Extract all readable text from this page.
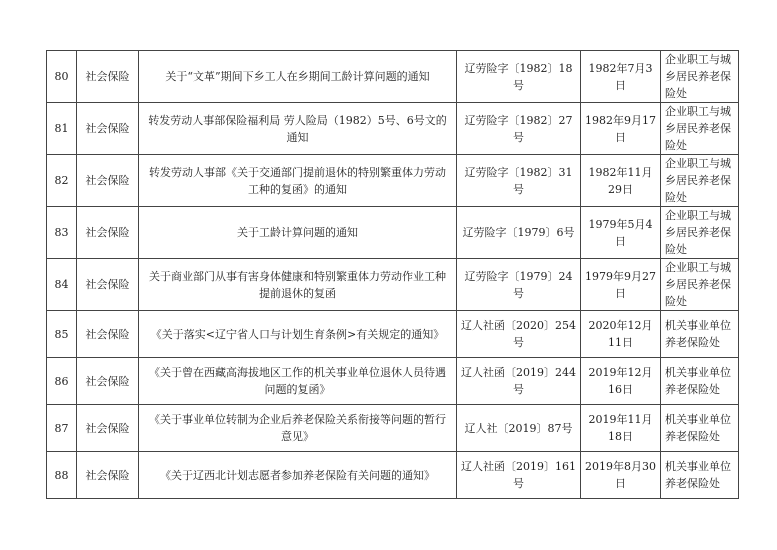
80	社会保险	关于“文革”期间下乡工人在乡期间工龄计算问题的通知	辽劳险字〔1982〕18号	1982年7月3日	企业职工与城乡居民养老保险处
81	社会保险	转发劳动人事部保险福利局 劳人险局（1982）5号、6号文的通知	辽劳险字〔1982〕27号	1982年9月17日	企业职工与城乡居民养老保险处
82	社会保险	转发劳动人事部《关于交通部门提前退休的特别繁重体力劳动工种的复函》的通知	辽劳险字〔1982〕31号	1982年11月29日	企业职工与城乡居民养老保险处
83	社会保险	关于工龄计算问题的通知	辽劳险字〔1979〕6号	1979年5月4日	企业职工与城乡居民养老保险处
84	社会保险	关于商业部门从事有害身体健康和特别繁重体力劳动作业工种提前退休的复函	辽劳险字〔1979〕24号	1979年9月27日	企业职工与城乡居民养老保险处
85	社会保险	《关于落实<辽宁省人口与计划生育条例>有关规定的通知》	辽人社函〔2020〕254号	2020年12月11日	机关事业单位养老保险处
86	社会保险	《关于曾在西藏高海拔地区工作的机关事业单位退休人员待遇问题的复函》	辽人社函〔2019〕244号	2019年12月16日	机关事业单位养老保险处
87	社会保险	《关于事业单位转制为企业后养老保险关系衔接等问题的暂行意见》	辽人社〔2019〕87号	2019年11月18日	机关事业单位养老保险处
88	社会保险	《关于辽西北计划志愿者参加养老保险有关问题的通知》	辽人社函〔2019〕161号	2019年8月30日	机关事业单位养老保险处
